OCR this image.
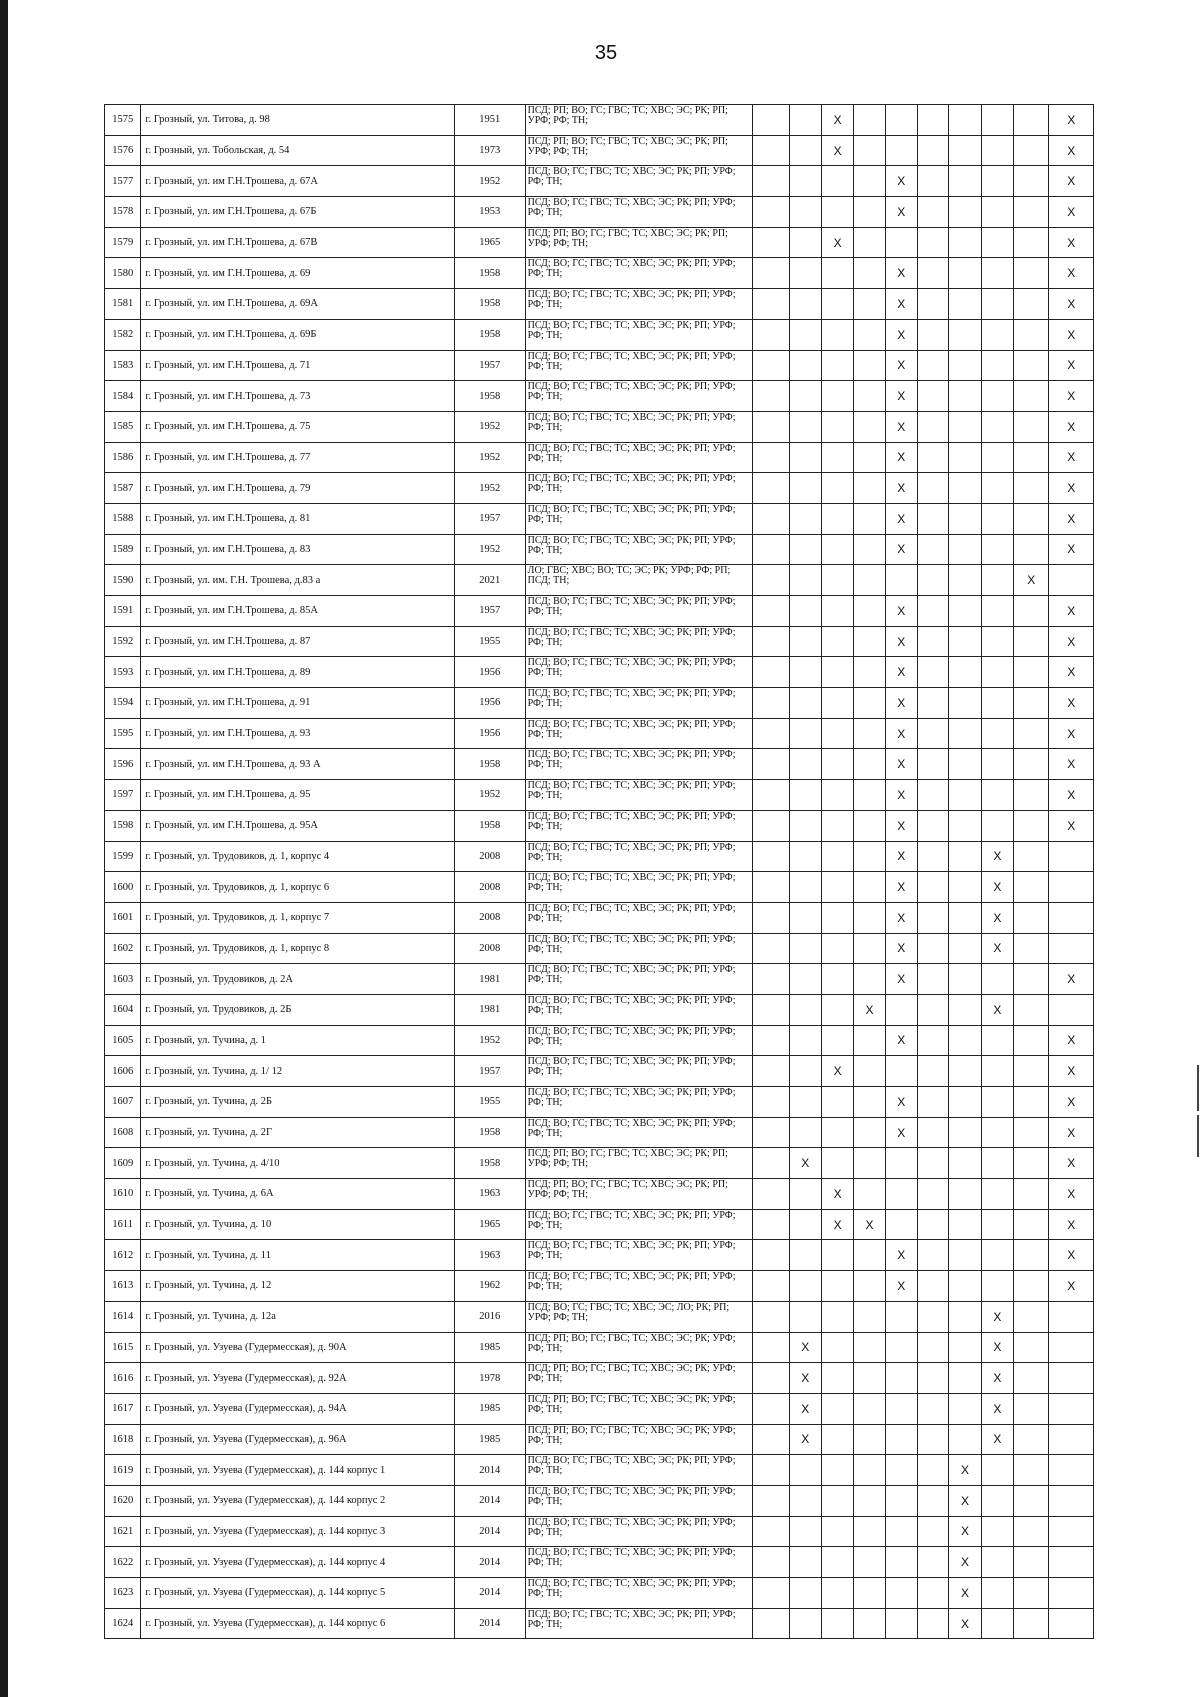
35
1575	г. Грозный, ул. Титова, д. 98	1951	ПСД; РП; ВО; ГС; ГВС; ТС; ХВС; ЭС; РК; РП; УРФ; РФ; ТН;			X							X
1576	г. Грозный, ул. Тобольская, д. 54	1973	ПСД; РП; ВО; ГС; ГВС; ТС; ХВС; ЭС; РК; РП; УРФ; РФ; ТН;			X							X
1577	г. Грозный, ул. им Г.Н.Трошева, д. 67А	1952	ПСД; ВО; ГС; ГВС; ТС; ХВС; ЭС; РК; РП; УРФ; РФ; ТН;					X					X
1578	г. Грозный, ул. им Г.Н.Трошева, д. 67Б	1953	ПСД; ВО; ГС; ГВС; ТС; ХВС; ЭС; РК; РП; УРФ; РФ; ТН;					X					X
1579	г. Грозный, ул. им Г.Н.Трошева, д. 67В	1965	ПСД; РП; ВО; ГС; ГВС; ТС; ХВС; ЭС; РК; РП; УРФ; РФ; ТН;			X							X
1580	г. Грозный, ул. им Г.Н.Трошева, д. 69	1958	ПСД; ВО; ГС; ГВС; ТС; ХВС; ЭС; РК; РП; УРФ; РФ; ТН;					X					X
1581	г. Грозный, ул. им Г.Н.Трошева, д. 69А	1958	ПСД; ВО; ГС; ГВС; ТС; ХВС; ЭС; РК; РП; УРФ; РФ; ТН;					X					X
1582	г. Грозный, ул. им Г.Н.Трошева, д. 69Б	1958	ПСД; ВО; ГС; ГВС; ТС; ХВС; ЭС; РК; РП; УРФ; РФ; ТН;					X					X
1583	г. Грозный, ул. им Г.Н.Трошева, д. 71	1957	ПСД; ВО; ГС; ГВС; ТС; ХВС; ЭС; РК; РП; УРФ; РФ; ТН;					X					X
1584	г. Грозный, ул. им Г.Н.Трошева, д. 73	1958	ПСД; ВО; ГС; ГВС; ТС; ХВС; ЭС; РК; РП; УРФ; РФ; ТН;					X					X
1585	г. Грозный, ул. им Г.Н.Трошева, д. 75	1952	ПСД; ВО; ГС; ГВС; ТС; ХВС; ЭС; РК; РП; УРФ; РФ; ТН;					X					X
1586	г. Грозный, ул. им Г.Н.Трошева, д. 77	1952	ПСД; ВО; ГС; ГВС; ТС; ХВС; ЭС; РК; РП; УРФ; РФ; ТН;					X					X
1587	г. Грозный, ул. им Г.Н.Трошева, д. 79	1952	ПСД; ВО; ГС; ГВС; ТС; ХВС; ЭС; РК; РП; УРФ; РФ; ТН;					X					X
1588	г. Грозный, ул. им Г.Н.Трошева, д. 81	1957	ПСД; ВО; ГС; ГВС; ТС; ХВС; ЭС; РК; РП; УРФ; РФ; ТН;					X					X
1589	г. Грозный, ул. им Г.Н.Трошева, д. 83	1952	ПСД; ВО; ГС; ГВС; ТС; ХВС; ЭС; РК; РП; УРФ; РФ; ТН;					X					X
1590	г. Грозный, ул. им. Г.Н. Трошева, д.83 а	2021	ЛО; ГВС; ХВС; ВО; ТС; ЭС; РК; УРФ; РФ; РП; ПСД; ТН;									X	
1591	г. Грозный, ул. им Г.Н.Трошева, д. 85А	1957	ПСД; ВО; ГС; ГВС; ТС; ХВС; ЭС; РК; РП; УРФ; РФ; ТН;					X					X
1592	г. Грозный, ул. им Г.Н.Трошева, д. 87	1955	ПСД; ВО; ГС; ГВС; ТС; ХВС; ЭС; РК; РП; УРФ; РФ; ТН;					X					X
1593	г. Грозный, ул. им Г.Н.Трошева, д. 89	1956	ПСД; ВО; ГС; ГВС; ТС; ХВС; ЭС; РК; РП; УРФ; РФ; ТН;					X					X
1594	г. Грозный, ул. им Г.Н.Трошева, д. 91	1956	ПСД; ВО; ГС; ГВС; ТС; ХВС; ЭС; РК; РП; УРФ; РФ; ТН;					X					X
1595	г. Грозный, ул. им Г.Н.Трошева, д. 93	1956	ПСД; ВО; ГС; ГВС; ТС; ХВС; ЭС; РК; РП; УРФ; РФ; ТН;					X					X
1596	г. Грозный, ул. им Г.Н.Трошева, д. 93 А	1958	ПСД; ВО; ГС; ГВС; ТС; ХВС; ЭС; РК; РП; УРФ; РФ; ТН;					X					X
1597	г. Грозный, ул. им Г.Н.Трошева, д. 95	1952	ПСД; ВО; ГС; ГВС; ТС; ХВС; ЭС; РК; РП; УРФ; РФ; ТН;					X					X
1598	г. Грозный, ул. им Г.Н.Трошева, д. 95А	1958	ПСД; ВО; ГС; ГВС; ТС; ХВС; ЭС; РК; РП; УРФ; РФ; ТН;					X					X
1599	г. Грозный, ул. Трудовиков, д. 1, корпус 4	2008	ПСД; ВО; ГС; ГВС; ТС; ХВС; ЭС; РК; РП; УРФ; РФ; ТН;					X			X		
1600	г. Грозный, ул. Трудовиков, д. 1, корпус 6	2008	ПСД; ВО; ГС; ГВС; ТС; ХВС; ЭС; РК; РП; УРФ; РФ; ТН;					X			X		
1601	г. Грозный, ул. Трудовиков, д. 1, корпус 7	2008	ПСД; ВО; ГС; ГВС; ТС; ХВС; ЭС; РК; РП; УРФ; РФ; ТН;					X			X		
1602	г. Грозный, ул. Трудовиков, д. 1, корпус 8	2008	ПСД; ВО; ГС; ГВС; ТС; ХВС; ЭС; РК; РП; УРФ; РФ; ТН;					X			X		
1603	г. Грозный, ул. Трудовиков, д. 2А	1981	ПСД; ВО; ГС; ГВС; ТС; ХВС; ЭС; РК; РП; УРФ; РФ; ТН;					X					X
1604	г. Грозный, ул. Трудовиков, д. 2Б	1981	ПСД; ВО; ГС; ГВС; ТС; ХВС; ЭС; РК; РП; УРФ; РФ; ТН;				X				X		
1605	г. Грозный, ул. Тучина, д. 1	1952	ПСД; ВО; ГС; ГВС; ТС; ХВС; ЭС; РК; РП; УРФ; РФ; ТН;					X					X
1606	г. Грозный, ул. Тучина, д. 1/ 12	1957	ПСД; ВО; ГС; ГВС; ТС; ХВС; ЭС; РК; РП; УРФ; РФ; ТН;			X							X
1607	г. Грозный, ул. Тучина, д. 2Б	1955	ПСД; ВО; ГС; ГВС; ТС; ХВС; ЭС; РК; РП; УРФ; РФ; ТН;					X					X
1608	г. Грозный, ул. Тучина, д. 2Г	1958	ПСД; ВО; ГС; ГВС; ТС; ХВС; ЭС; РК; РП; УРФ; РФ; ТН;					X					X
1609	г. Грозный, ул. Тучина, д. 4/10	1958	ПСД; РП; ВО; ГС; ГВС; ТС; ХВС; ЭС; РК; РП; УРФ; РФ; ТН;		X								X
1610	г. Грозный, ул. Тучина, д. 6А	1963	ПСД; РП; ВО; ГС; ГВС; ТС; ХВС; ЭС; РК; РП; УРФ; РФ; ТН;			X							X
1611	г. Грозный, ул. Тучина, д. 10	1965	ПСД; ВО; ГС; ГВС; ТС; ХВС; ЭС; РК; РП; УРФ; РФ; ТН;			X	X						X
1612	г. Грозный, ул. Тучина, д. 11	1963	ПСД; ВО; ГС; ГВС; ТС; ХВС; ЭС; РК; РП; УРФ; РФ; ТН;					X					X
1613	г. Грозный, ул. Тучина, д. 12	1962	ПСД; ВО; ГС; ГВС; ТС; ХВС; ЭС; РК; РП; УРФ; РФ; ТН;					X					X
1614	г. Грозный, ул. Тучина, д. 12а	2016	ПСД; ВО; ГС; ГВС; ТС; ХВС; ЭС; ЛО; РК; РП; УРФ; РФ; ТН;								X		
1615	г. Грозный, ул. Узуева (Гудермесская), д. 90А	1985	ПСД; РП; ВО; ГС; ГВС; ТС; ХВС; ЭС; РК; УРФ; РФ; ТН;		X						X		
1616	г. Грозный, ул. Узуева (Гудермесская), д. 92А	1978	ПСД; РП; ВО; ГС; ГВС; ТС; ХВС; ЭС; РК; УРФ; РФ; ТН;		X						X		
1617	г. Грозный, ул. Узуева (Гудермесская), д. 94А	1985	ПСД; РП; ВО; ГС; ГВС; ТС; ХВС; ЭС; РК; УРФ; РФ; ТН;		X						X		
1618	г. Грозный, ул. Узуева (Гудермесская), д. 96А	1985	ПСД; РП; ВО; ГС; ГВС; ТС; ХВС; ЭС; РК; УРФ; РФ; ТН;		X						X		
1619	г. Грозный, ул. Узуева (Гудермесская), д. 144 корпус 1	2014	ПСД; ВО; ГС; ГВС; ТС; ХВС; ЭС; РК; РП; УРФ; РФ; ТН;							X			
1620	г. Грозный, ул. Узуева (Гудермесская), д. 144 корпус 2	2014	ПСД; ВО; ГС; ГВС; ТС; ХВС; ЭС; РК; РП; УРФ; РФ; ТН;							X			
1621	г. Грозный, ул. Узуева (Гудермесская), д. 144 корпус 3	2014	ПСД; ВО; ГС; ГВС; ТС; ХВС; ЭС; РК; РП; УРФ; РФ; ТН;							X			
1622	г. Грозный, ул. Узуева (Гудермесская), д. 144 корпус 4	2014	ПСД; ВО; ГС; ГВС; ТС; ХВС; ЭС; РК; РП; УРФ; РФ; ТН;							X			
1623	г. Грозный, ул. Узуева (Гудермесская), д. 144 корпус 5	2014	ПСД; ВО; ГС; ГВС; ТС; ХВС; ЭС; РК; РП; УРФ; РФ; ТН;							X			
1624	г. Грозный, ул. Узуева (Гудермесская), д. 144 корпус 6	2014	ПСД; ВО; ГС; ГВС; ТС; ХВС; ЭС; РК; РП; УРФ; РФ; ТН;							X			
